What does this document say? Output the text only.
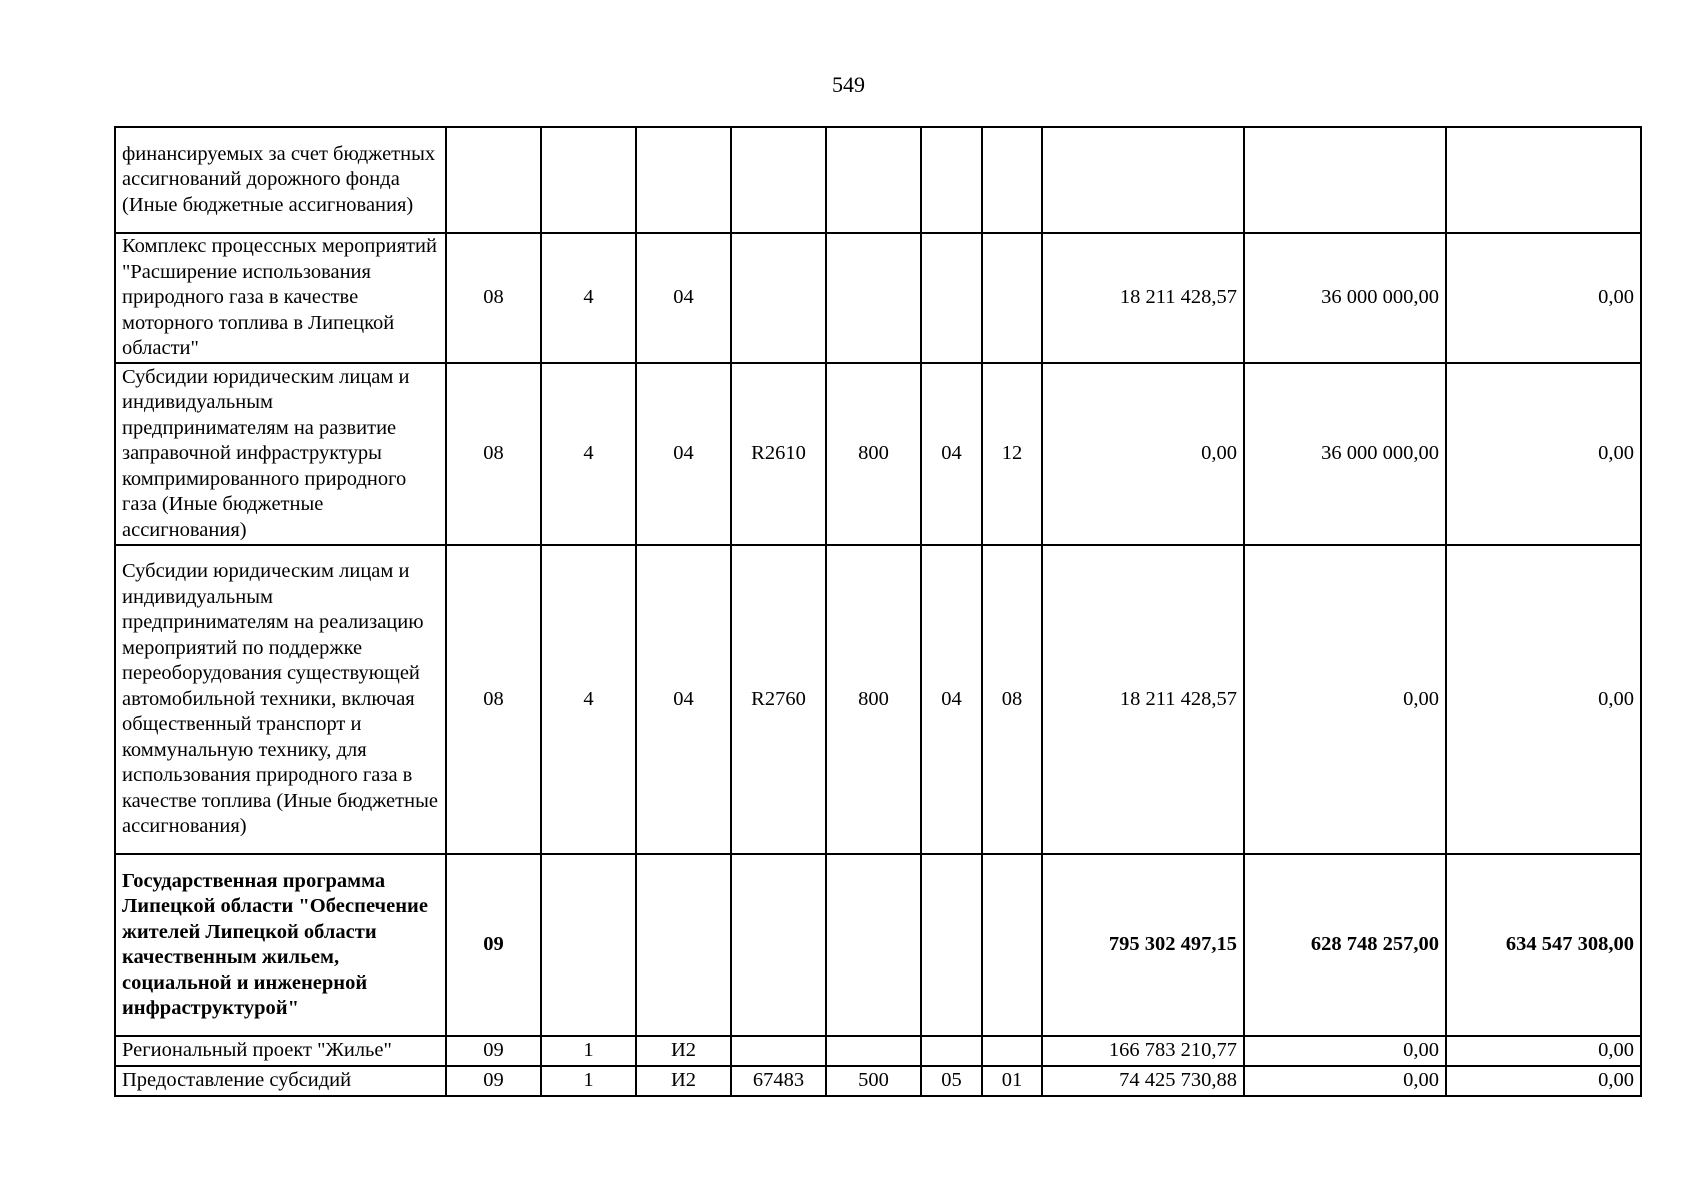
549
финансируемых за счет бюджетных ассигнований дорожного фонда (Иные бюджетные ассигнования)										
Комплекс процессных мероприятий "Расширение использования природного газа в качестве моторного топлива в Липецкой области"	08	4	04					18 211 428,57	36 000 000,00	0,00
Субсидии юридическим лицам и индивидуальным предпринимателям на развитие заправочной инфраструктуры компримированного природного газа (Иные бюджетные ассигнования)	08	4	04	R2610	800	04	12	0,00	36 000 000,00	0,00
Субсидии юридическим лицам и индивидуальным предпринимателям на реализацию мероприятий по поддержке переоборудования существующей автомобильной техники, включая общественный транспорт и коммунальную технику, для использования природного газа в качестве топлива (Иные бюджетные ассигнования)	08	4	04	R2760	800	04	08	18 211 428,57	0,00	0,00
Государственная программа Липецкой области "Обеспечение жителей Липецкой области качественным жильем, социальной и инженерной инфраструктурой"	09							795 302 497,15	628 748 257,00	634 547 308,00
Региональный проект "Жилье"	09	1	И2					166 783 210,77	0,00	0,00
Предоставление субсидий	09	1	И2	67483	500	05	01	74 425 730,88	0,00	0,00
